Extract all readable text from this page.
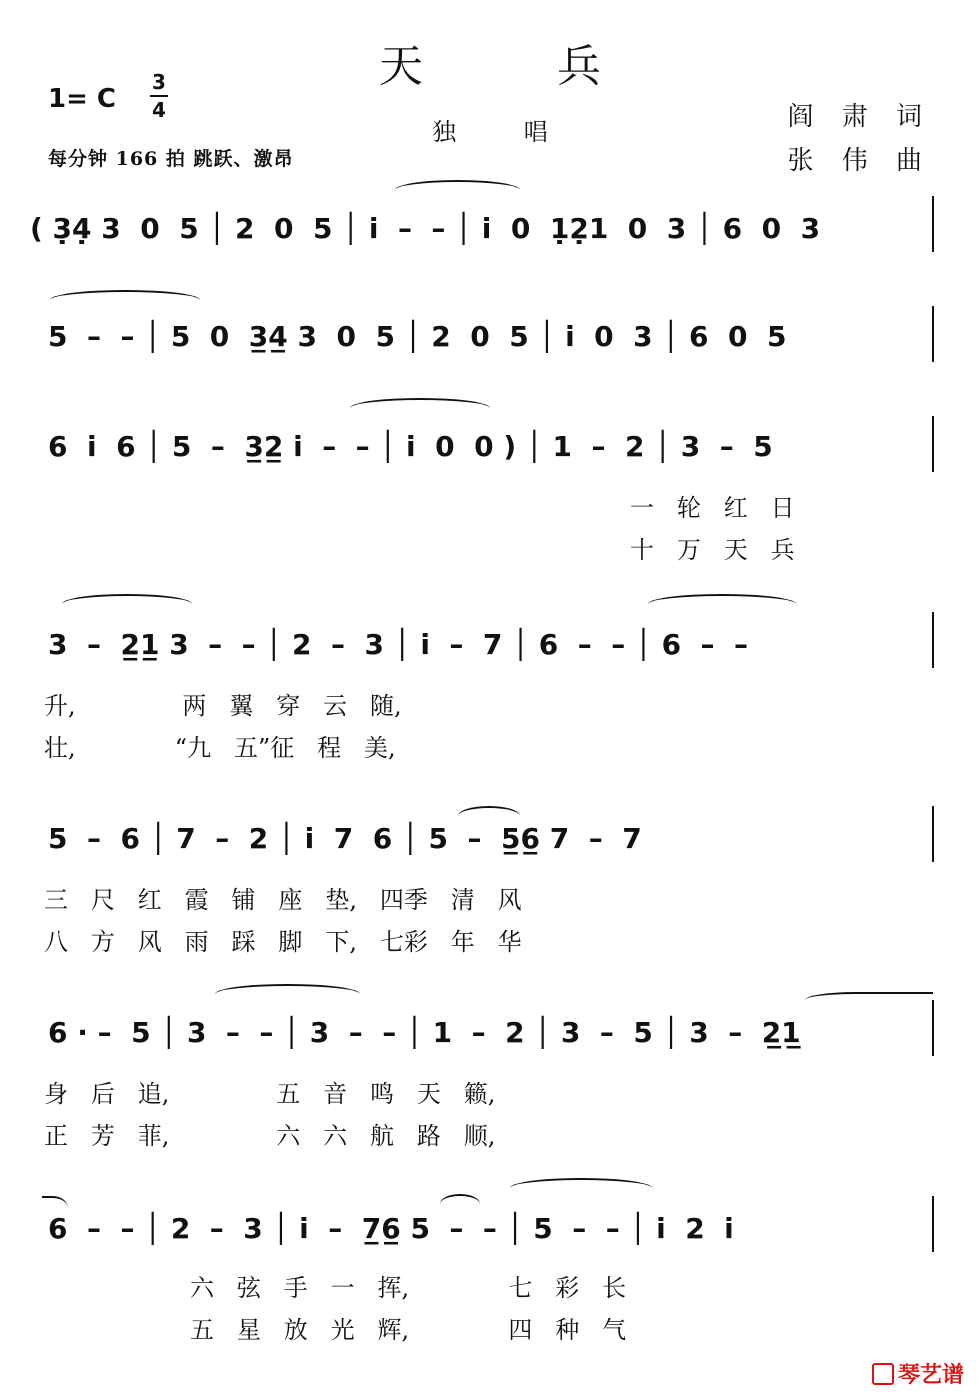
天 兵
1= C
3
4
每分钟 166 拍 跳跃、激昂
独 唱	阎 肃 词
张 伟 曲
( 3̣4̣ 3  0  5 │ 2  0  5 │ i  –  – │ i  0  1̣2̣1  0  3 │ 6  0  3
5  –  – │ 5  0  3̲4̲ 3  0  5 │ 2  0  5 │ i  0  3 │ 6  0  5
6  i  6 │ 5  –  3̲2̲ i  –  – │ i  0  0 ) │ 1  –  2 │ 3  –  5
一   轮   红   日
十   万   天   兵
3  –  2̲1̲ 3  –  – │ 2  –  3 │ i  –  7 │ 6  –  – │ 6  –  –
升,              两   翼   穿   云   随,
壮,             “九   五”征   程   美,
5  –  6 │ 7  –  2 │ i  7  6 │ 5  –  5̲6̲ 7  –  7
三   尺   红   霞   铺   座   垫,   四季   清   风
八   方   风   雨   踩   脚   下,   七彩   年   华
6 · –  5 │ 3  –  – │ 3  –  – │ 1  –  2 │ 3  –  5 │ 3  –  2̲1̲
身   后   追,              五   音   鸣   天   籁,
正   芳   菲,              六   六   航   路   顺,
6  –  – │ 2  –  3 │ i  –  7̲6̲ 5  –  – │ 5  –  – │ i  2  i
六   弦   手   一   挥,             七   彩   长
五   星   放   光   辉,             四   种   气
琴艺谱
